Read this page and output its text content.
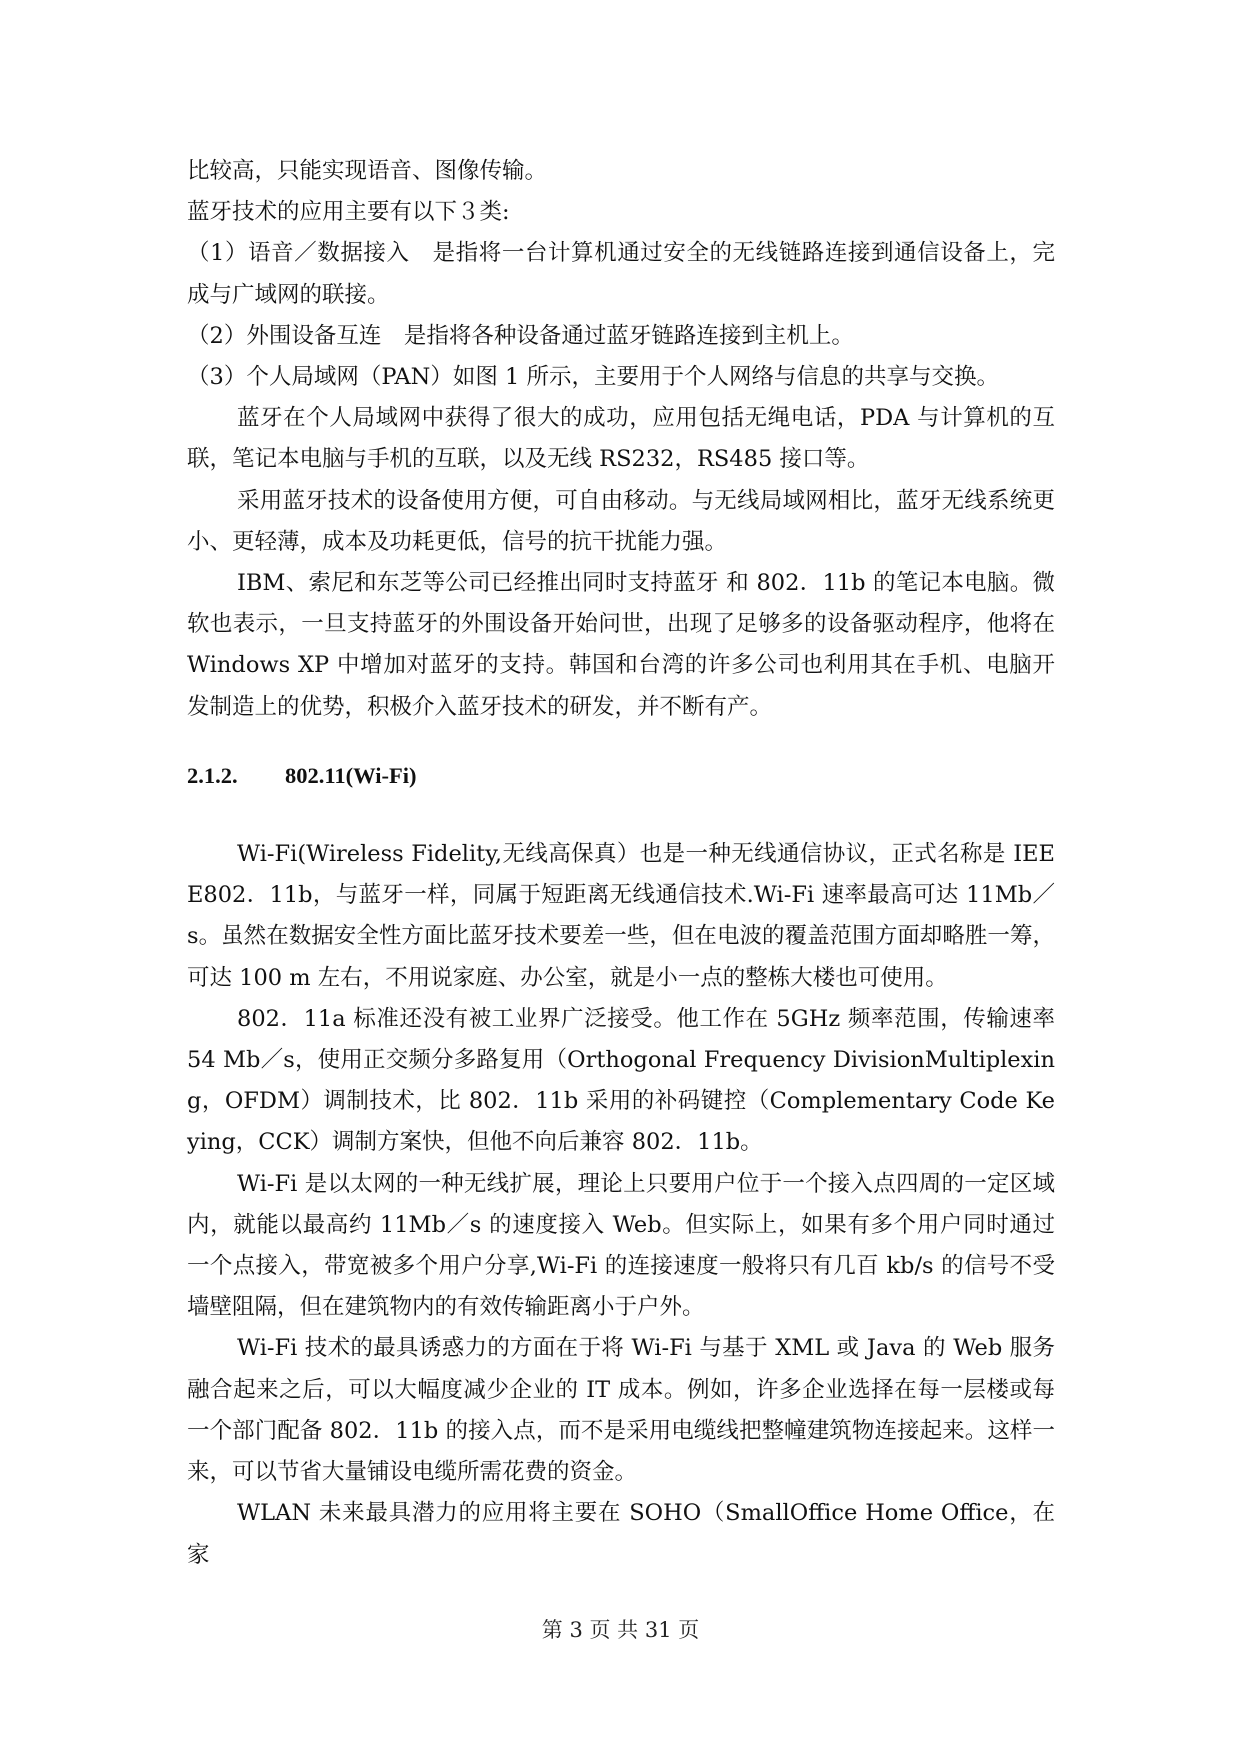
比较高，只能实现语音、图像传输。

蓝牙技术的应用主要有以下３类:

（1）语音／数据接入　是指将一台计算机通过安全的无线链路连接到通信设备上，完成与广域网的联接。

（2）外围设备互连　是指将各种设备通过蓝牙链路连接到主机上。

（3）个人局域网（PAN）如图 1 所示，主要用于个人网络与信息的共享与交换。

蓝牙在个人局域网中获得了很大的成功，应用包括无绳电话，PDA 与计算机的互联，笔记本电脑与手机的互联，以及无线 RS232，RS485 接口等。

采用蓝牙技术的设备使用方便，可自由移动。与无线局域网相比，蓝牙无线系统更小、更轻薄，成本及功耗更低，信号的抗干扰能力强。

IBM、索尼和东芝等公司已经推出同时支持蓝牙 和 802．11b 的笔记本电脑。微软也表示，一旦支持蓝牙的外围设备开始问世，出现了足够多的设备驱动程序，他将在 Windows XP 中增加对蓝牙的支持。韩国和台湾的许多公司也利用其在手机、电脑开发制造上的优势，积极介入蓝牙技术的研发，并不断有产。

2.1.2.	802.11(Wi-Fi)

Wi-Fi(Wireless Fidelity,无线高保真）也是一种无线通信协议，正式名称是 IEEE802．11b，与蓝牙一样，同属于短距离无线通信技术.Wi-Fi 速率最高可达 11Mb／s。虽然在数据安全性方面比蓝牙技术要差一些，但在电波的覆盖范围方面却略胜一筹，可达 100 m 左右，不用说家庭、办公室，就是小一点的整栋大楼也可使用。

802．11a 标准还没有被工业界广泛接受。他工作在 5GHz 频率范围，传输速率 54 Mb／s，使用正交频分多路复用（Orthogonal Frequency DivisionMultiplexing，OFDM）调制技术，比 802．11b 采用的补码键控（Complementary Code Keying，CCK）调制方案快，但他不向后兼容 802．11b。

Wi-Fi 是以太网的一种无线扩展，理论上只要用户位于一个接入点四周的一定区域内，就能以最高约 11Mb／s 的速度接入 Web。但实际上，如果有多个用户同时通过一个点接入，带宽被多个用户分享,Wi-Fi 的连接速度一般将只有几百 kb/s 的信号不受墙壁阻隔，但在建筑物内的有效传输距离小于户外。

Wi-Fi 技术的最具诱惑力的方面在于将 Wi-Fi 与基于 XML 或 Java 的 Web 服务融合起来之后，可以大幅度减少企业的 IT 成本。例如，许多企业选择在每一层楼或每一个部门配备 802．11b 的接入点，而不是采用电缆线把整幢建筑物连接起来。这样一来，可以节省大量铺设电缆所需花费的资金。

WLAN 未来最具潜力的应用将主要在 SOHO（SmallOffice Home Office，在家

第 3 页 共 31 页
